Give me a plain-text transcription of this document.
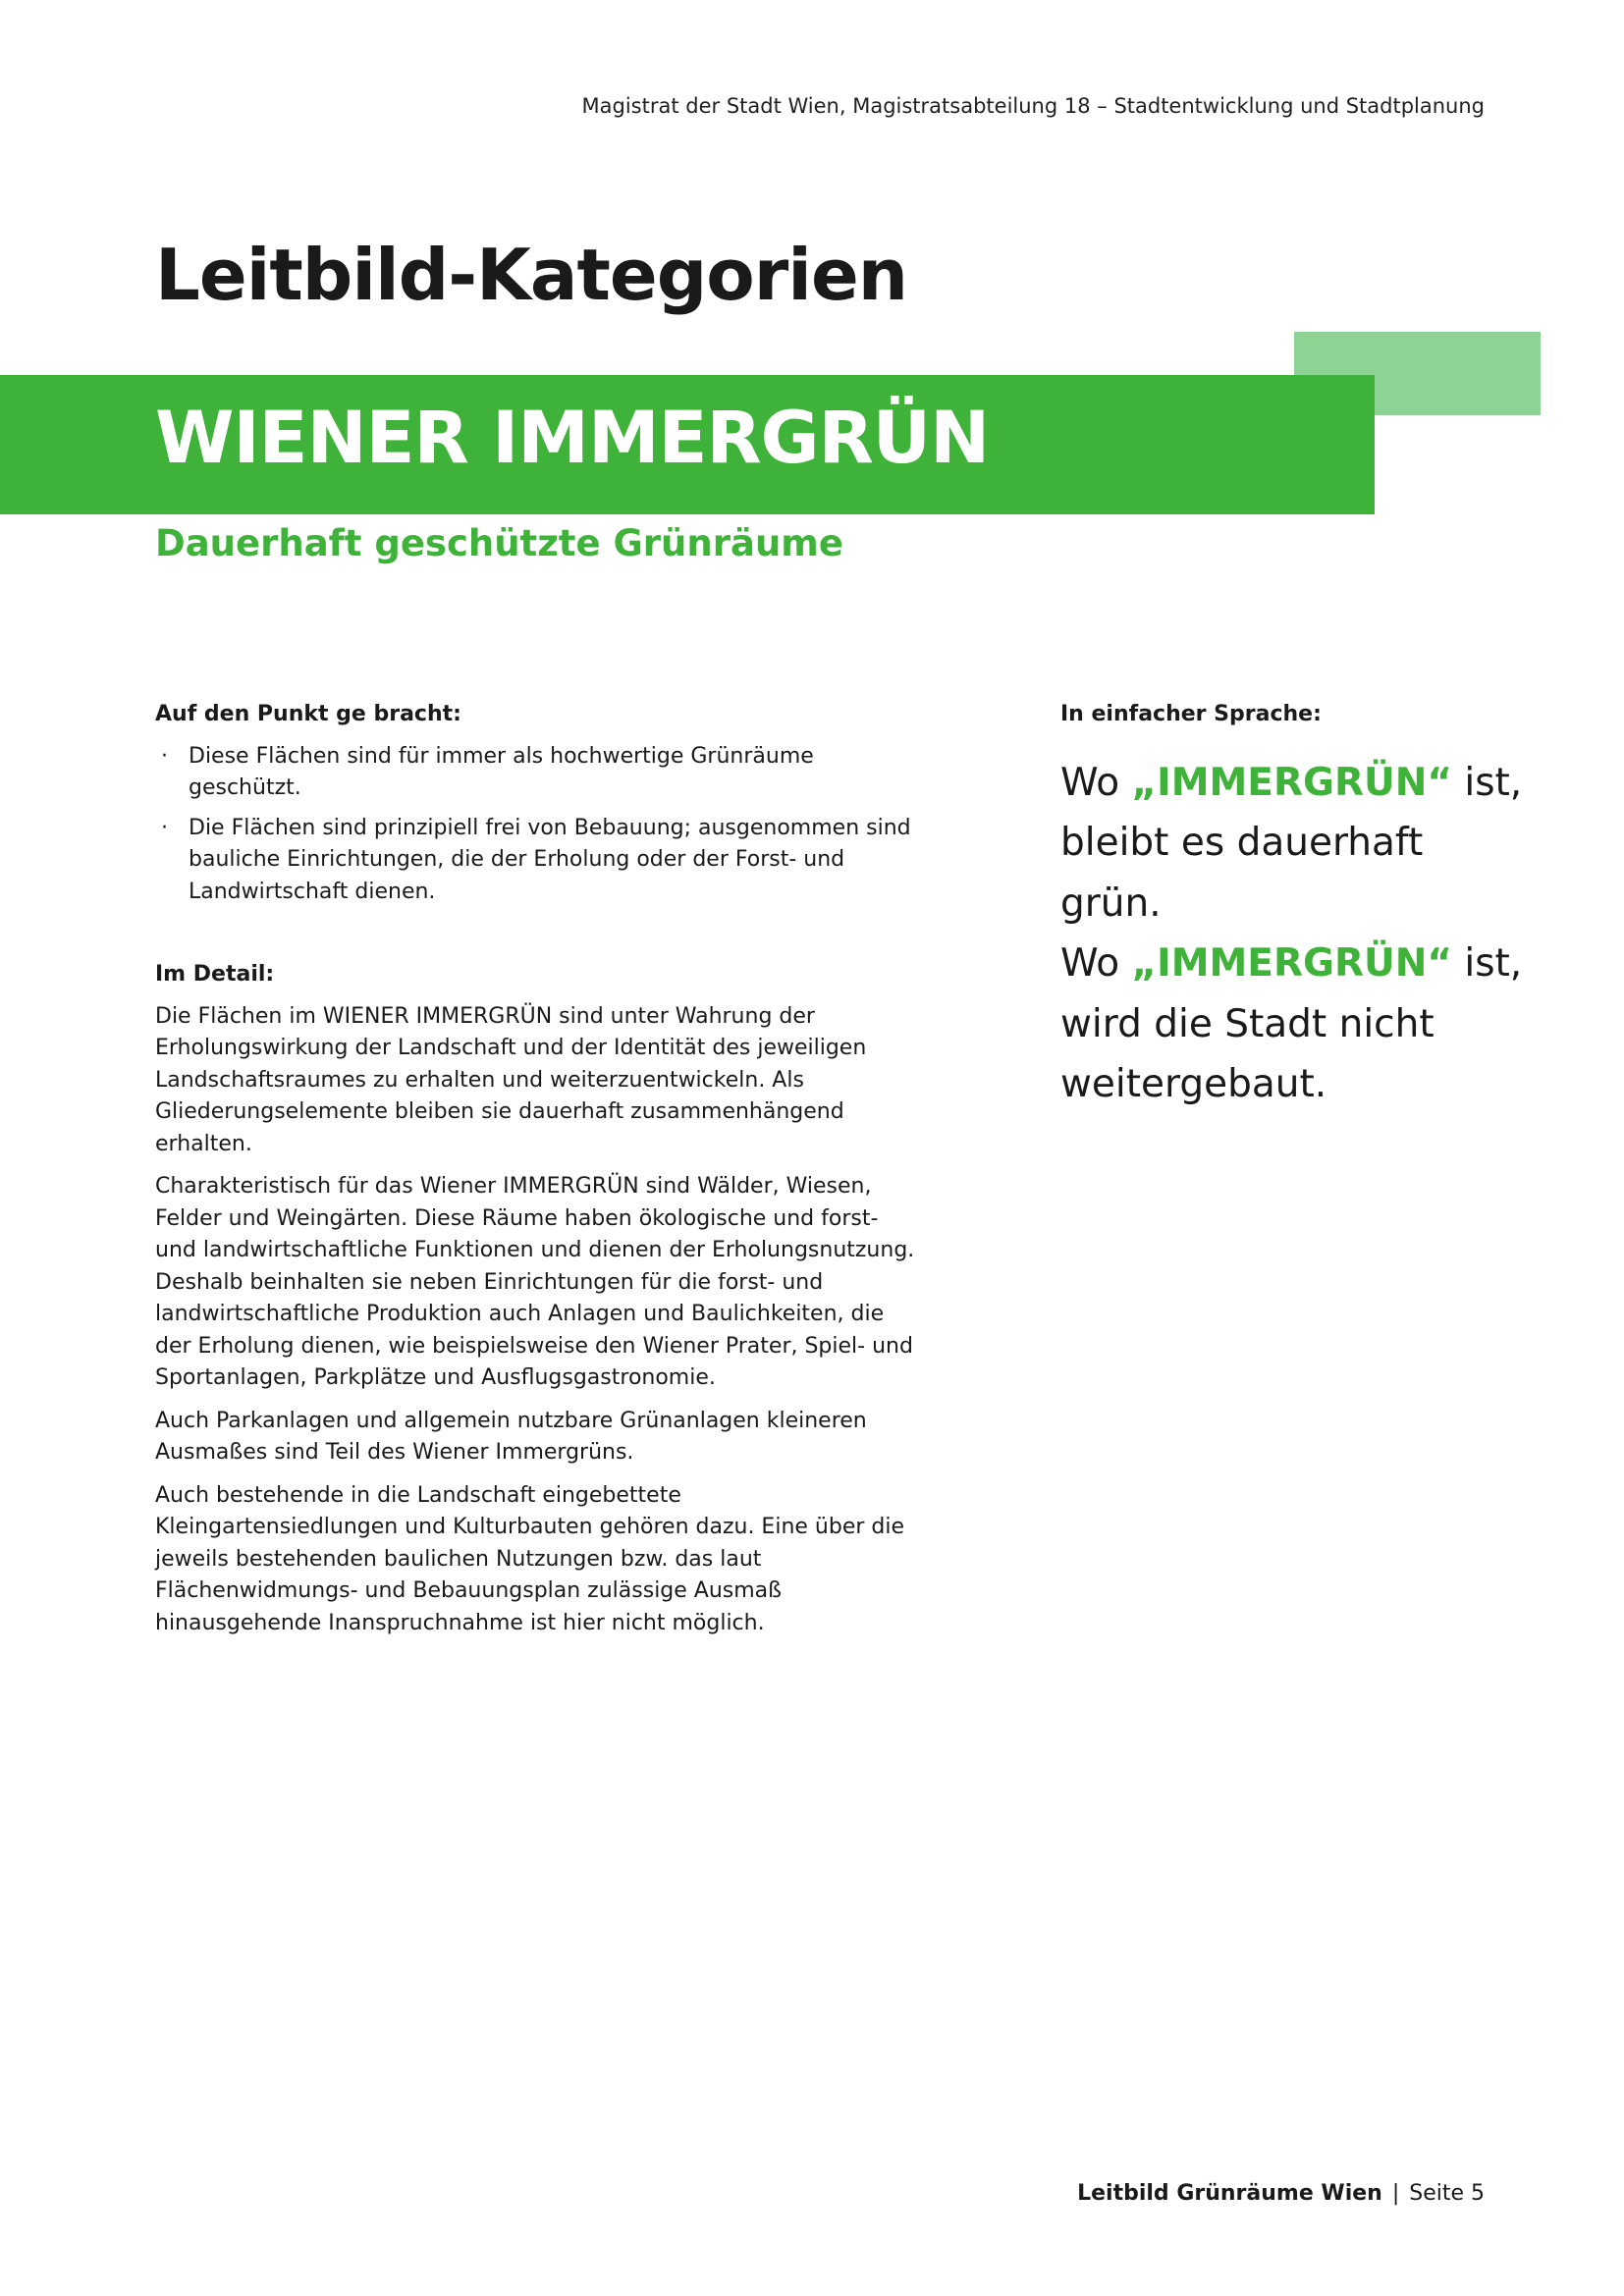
Magistrat der Stadt Wien, Magistratsabteilung 18 – Stadtentwicklung und Stadtplanung
Leitbild-Kategorien
WIENER IMMERGRÜN
Dauerhaft geschützte Grünräume
Auf den Punkt ge bracht:
· Diese Flächen sind für immer als hochwertige Grünräume geschützt.
· Die Flächen sind prinzipiell frei von Bebauung; ausgenommen sind bauliche Einrichtungen, die der Erholung oder der Forst- und Landwirtschaft dienen.
Im Detail:

Die Flächen im WIENER IMMERGRÜN sind unter Wahrung der Erholungswirkung der Landschaft und der Identität des jeweiligen Landschaftsraumes zu erhalten und weiterzuentwickeln. Als Gliederungselemente bleiben sie dauerhaft zusammenhängend erhalten.

Charakteristisch für das Wiener IMMERGRÜN sind Wälder, Wiesen, Felder und Weingärten. Diese Räume haben ökologische und forst- und landwirtschaftliche Funktionen und dienen der Erholungsnutzung. Deshalb beinhalten sie neben Einrichtungen für die forst- und landwirtschaftliche Produktion auch Anlagen und Baulichkeiten, die der Erholung dienen, wie beispielsweise den Wiener Prater, Spiel- und Sportanlagen, Parkplätze und Ausflugsgastronomie.

Auch Parkanlagen und allgemein nutzbare Grünanlagen kleineren Ausmaßes sind Teil des Wiener Immergrüns.

Auch bestehende in die Landschaft eingebettete Kleingartensiedlungen und Kulturbauten gehören dazu. Eine über die jeweils bestehenden baulichen Nutzungen bzw. das laut Flächenwidmungs- und Bebauungsplan zulässige Ausmaß hinausgehende Inanspruchnahme ist hier nicht möglich.

In einfacher Sprache:

Wo „IMMERGRÜN“ ist, bleibt es dauerhaft grün.

Wo „IMMERGRÜN“ ist, wird die Stadt nicht weitergebaut.

Leitbild Grünräume Wien | Seite 5
